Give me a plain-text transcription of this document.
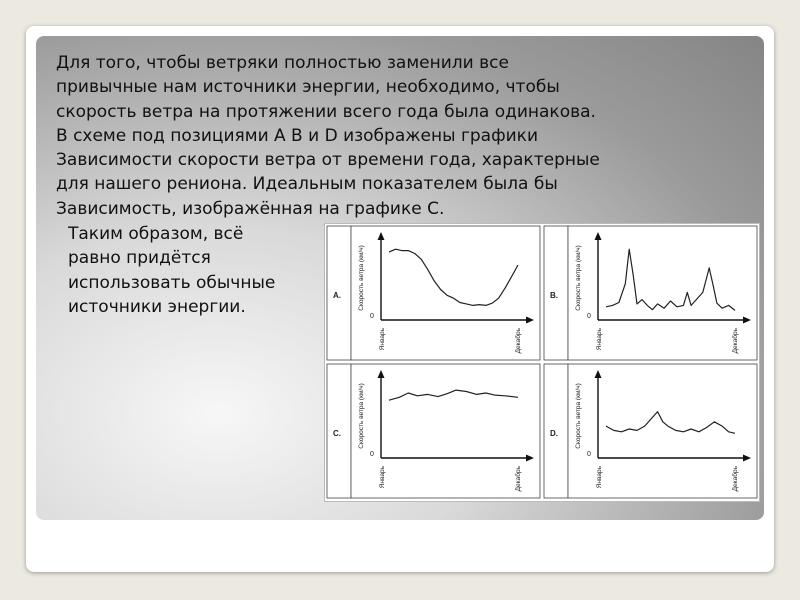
Для того, чтобы ветряки полностью заменили все
привычные нам источники энергии, необходимо, чтобы
скорость ветра на протяжении всего года была одинакова.
В схеме под позициями А В и D изображены графики
Зависимости скорости ветра от времени года, характерные
для нашего рениона. Идеальным показателем была бы
Зависимость, изображённая на графике С.

Таким образом, всё
равно придётся
использовать обычные
источники энергии.
A.
0
Скорость ветра (км/ч)
Январь	Декабрь
B.
0
Скорость ветра (км/ч)
Январь	Декабрь
C.
0
Скорость ветра (км/ч)
Январь	Декабрь
D.
0
Скорость ветра (км/ч)
Январь	Декабрь
